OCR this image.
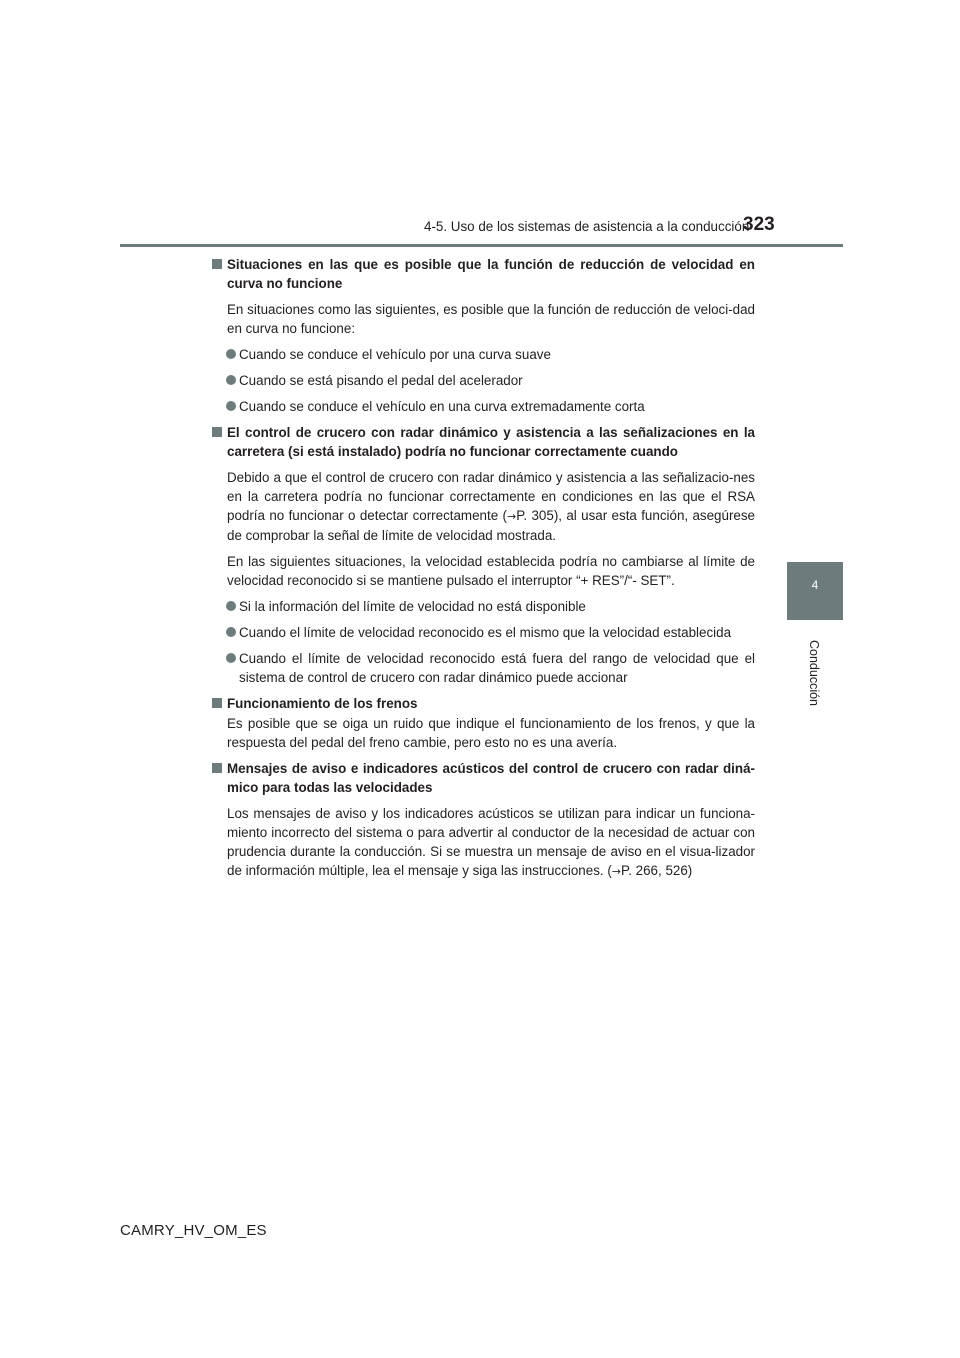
4-5. Uso de los sistemas de asistencia a la conducción
323
4
Conducción
Situaciones en las que es posible que la función de reducción de velocidad en curva no funcione
En situaciones como las siguientes, es posible que la función de reducción de veloci-dad en curva no funcione:
Cuando se conduce el vehículo por una curva suave
Cuando se está pisando el pedal del acelerador
Cuando se conduce el vehículo en una curva extremadamente corta
El control de crucero con radar dinámico y asistencia a las señalizaciones en la carretera (si está instalado) podría no funcionar correctamente cuando
Debido a que el control de crucero con radar dinámico y asistencia a las señalizacio-nes en la carretera podría no funcionar correctamente en condiciones en las que el RSA podría no funcionar o detectar correctamente (→P. 305), al usar esta función, asegúrese de comprobar la señal de límite de velocidad mostrada.
En las siguientes situaciones, la velocidad establecida podría no cambiarse al límite de velocidad reconocido si se mantiene pulsado el interruptor “+ RES”/“- SET”.
Si la información del límite de velocidad no está disponible
Cuando el límite de velocidad reconocido es el mismo que la velocidad establecida
Cuando el límite de velocidad reconocido está fuera del rango de velocidad que el sistema de control de crucero con radar dinámico puede accionar
Funcionamiento de los frenos
Es posible que se oiga un ruido que indique el funcionamiento de los frenos, y que la respuesta del pedal del freno cambie, pero esto no es una avería.
Mensajes de aviso e indicadores acústicos del control de crucero con radar diná-mico para todas las velocidades
Los mensajes de aviso y los indicadores acústicos se utilizan para indicar un funciona-miento incorrecto del sistema o para advertir al conductor de la necesidad de actuar con prudencia durante la conducción. Si se muestra un mensaje de aviso en el visua-lizador de información múltiple, lea el mensaje y siga las instrucciones. (→P. 266, 526)
CAMRY_HV_OM_ES
